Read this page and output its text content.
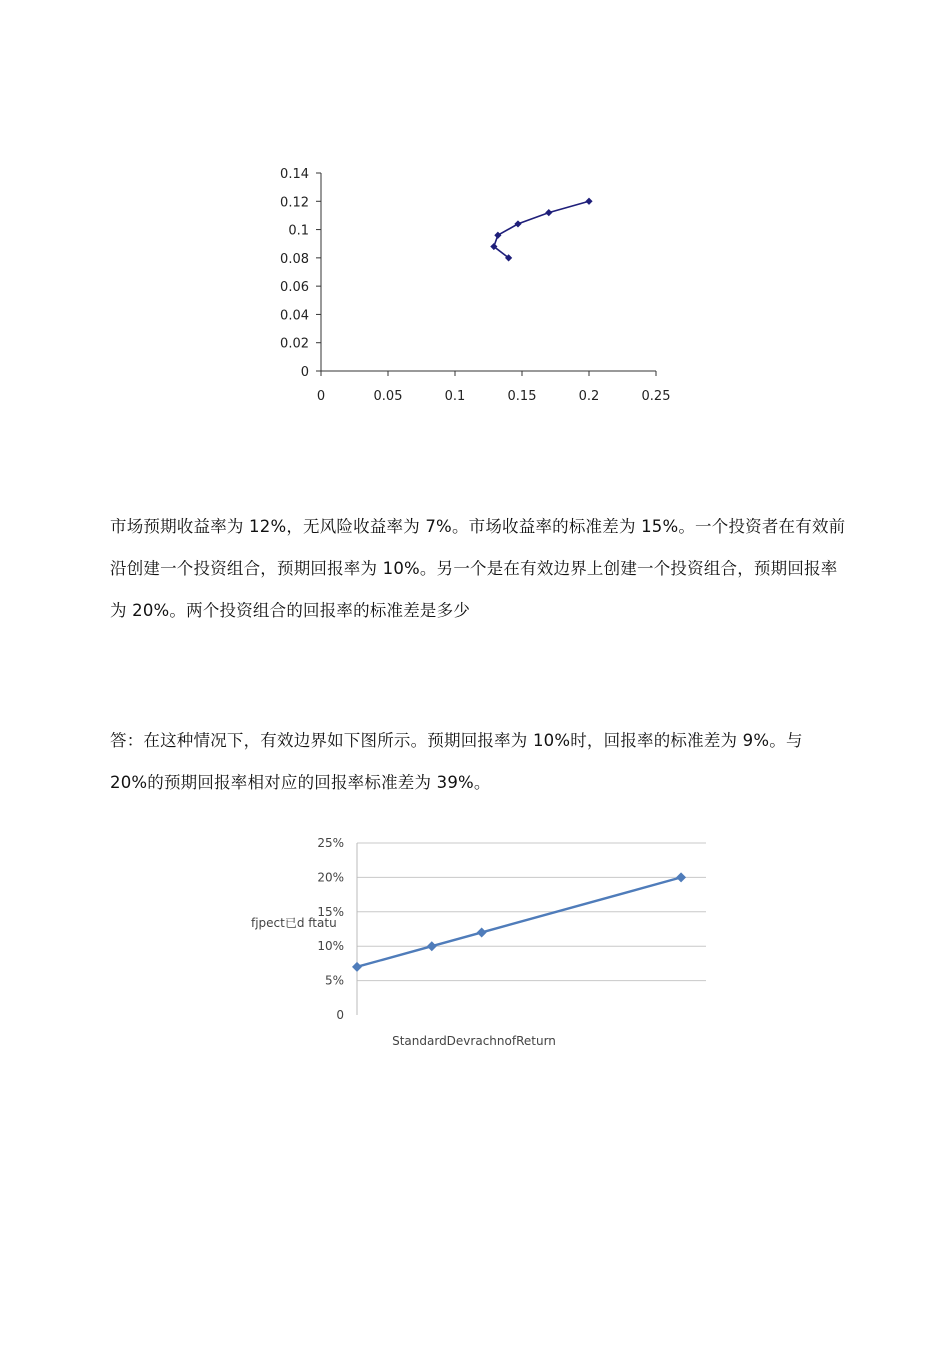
0
0.02
0.04
0.06
0.08
0.1
0.12
0.14
0	0.05	0.1	0.15	0.2	0.25

市场预期收益率为 12%，无风险收益率为 7%。市场收益率的标准差为 15%。一个投资者在有效前沿创建一个投资组合，预期回报率为 10%。另一个是在有效边界上创建一个投资组合，预期回报率为 20%。两个投资组合的回报率的标准差是多少

答：在这种情况下，有效边界如下图所示。预期回报率为 10%时，回报率的标准差为 9%。与 20%的预期回报率相对应的回报率标准差为 39%。

0
5%
10%
15%
20%
25%
fjpect已d ftatu
StandardDevrachnofReturn
